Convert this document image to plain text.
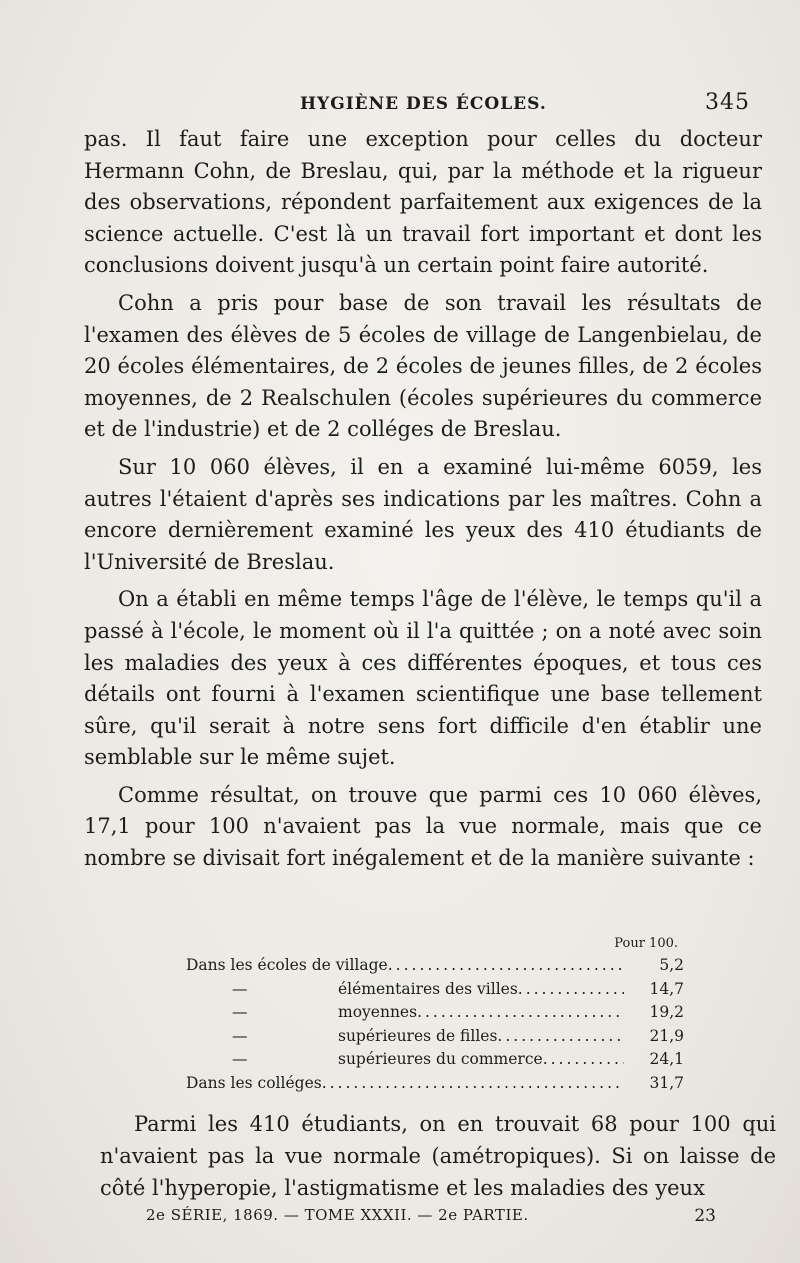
HYGIÈNE DES ÉCOLES.	345

pas. Il faut faire une exception pour celles du docteur Hermann Cohn, de Breslau, qui, par la méthode et la rigueur des observations, répondent parfaitement aux exigences de la science actuelle. C'est là un travail fort important et dont les conclusions doivent jusqu'à un certain point faire autorité.

Cohn a pris pour base de son travail les résultats de l'examen des élèves de 5 écoles de village de Langenbielau, de 20 écoles élémentaires, de 2 écoles de jeunes filles, de 2 écoles moyennes, de 2 Realschulen (écoles supérieures du commerce et de l'industrie) et de 2 colléges de Breslau.

Sur 10 060 élèves, il en a examiné lui-même 6059, les autres l'étaient d'après ses indications par les maîtres. Cohn a encore dernièrement examiné les yeux des 410 étudiants de l'Université de Breslau.

On a établi en même temps l'âge de l'élève, le temps qu'il a passé à l'école, le moment où il l'a quittée ; on a noté avec soin les maladies des yeux à ces différentes époques, et tous ces détails ont fourni à l'examen scientifique une base tellement sûre, qu'il serait à notre sens fort difficile d'en établir une semblable sur le même sujet.

Comme résultat, on trouve que parmi ces 10 060 élèves, 17,1 pour 100 n'avaient pas la vue normale, mais que ce nombre se divisait fort inégalement et de la manière suivante :

Pour 100.
Dans les écoles de village .....	5,2
—	élémentaires des villes .....	14,7
—	moyennes .....	19,2
—	supérieures de filles .....	21,9
—	supérieures du commerce .....	24,1
Dans les colléges .....	31,7

Parmi les 410 étudiants, on en trouvait 68 pour 100 qui n'avaient pas la vue normale (amétropiques). Si on laisse de côté l'hyperopie, l'astigmatisme et les maladies des yeux

2e SÉRIE, 1869. — TOME XXXII. — 2e PARTIE.	23
